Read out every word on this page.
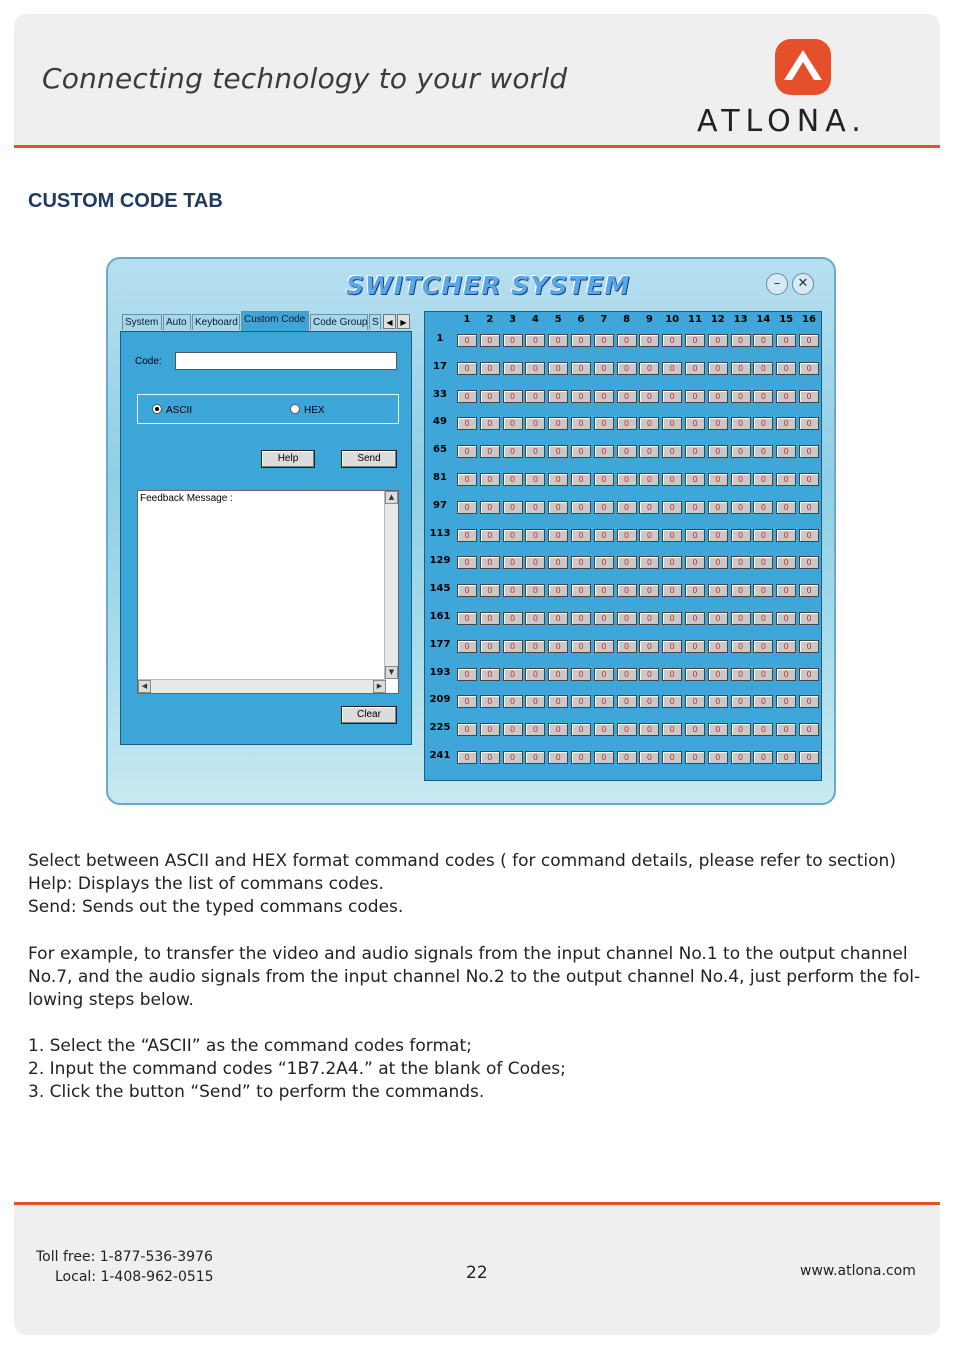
Connecting technology to your world
ATLONA.
CUSTOM CODE TAB
SWITCHER SYSTEM	–	✕
System Auto Keyboard Custom Code Code Group S ◀ ▶
Code:
ASCII	HEX
Help	Send
Feedback Message :	▲
▼
◀	▶
Clear
1	2	3	4	5	6	7	8	9	10 11 12 13 14 15 16
1	0	0	0	0	0	0	0	0	0	0	0	0	0	0	0	0
17	0	0	0	0	0	0	0	0	0	0	0	0	0	0	0	0
33	0	0	0	0	0	0	0	0	0	0	0	0	0	0	0	0
49	0	0	0	0	0	0	0	0	0	0	0	0	0	0	0	0
65	0	0	0	0	0	0	0	0	0	0	0	0	0	0	0	0
81	0	0	0	0	0	0	0	0	0	0	0	0	0	0	0	0
97	0	0	0	0	0	0	0	0	0	0	0	0	0	0	0	0
113	0	0	0	0	0	0	0	0	0	0	0	0	0	0	0	0
129	0	0	0	0	0	0	0	0	0	0	0	0	0	0	0	0
145	0	0	0	0	0	0	0	0	0	0	0	0	0	0	0	0
161	0	0	0	0	0	0	0	0	0	0	0	0	0	0	0	0
177	0	0	0	0	0	0	0	0	0	0	0	0	0	0	0	0
193	0	0	0	0	0	0	0	0	0	0	0	0	0	0	0	0
209	0	0	0	0	0	0	0	0	0	0	0	0	0	0	0	0
225	0	0	0	0	0	0	0	0	0	0	0	0	0	0	0	0
241	0	0	0	0	0	0	0	0	0	0	0	0	0	0	0	0
Select between ASCII and HEX format command codes ( for command details, please refer to section)
Help: Displays the list of commans codes.
Send: Sends out the typed commans codes.
For example, to transfer the video and audio signals from the input channel No.1 to the output channel
No.7, and the audio signals from the input channel No.2 to the output channel No.4, just perform the fol-
lowing steps below.
1. Select the “ASCII” as the command codes format;
2. Input the command codes “1B7.2A4.” at the blank of Codes;
3. Click the button “Send” to perform the commands.
Toll free: 1-877-536-3976
Local: 1-408-962-0515	22	www.atlona.com
